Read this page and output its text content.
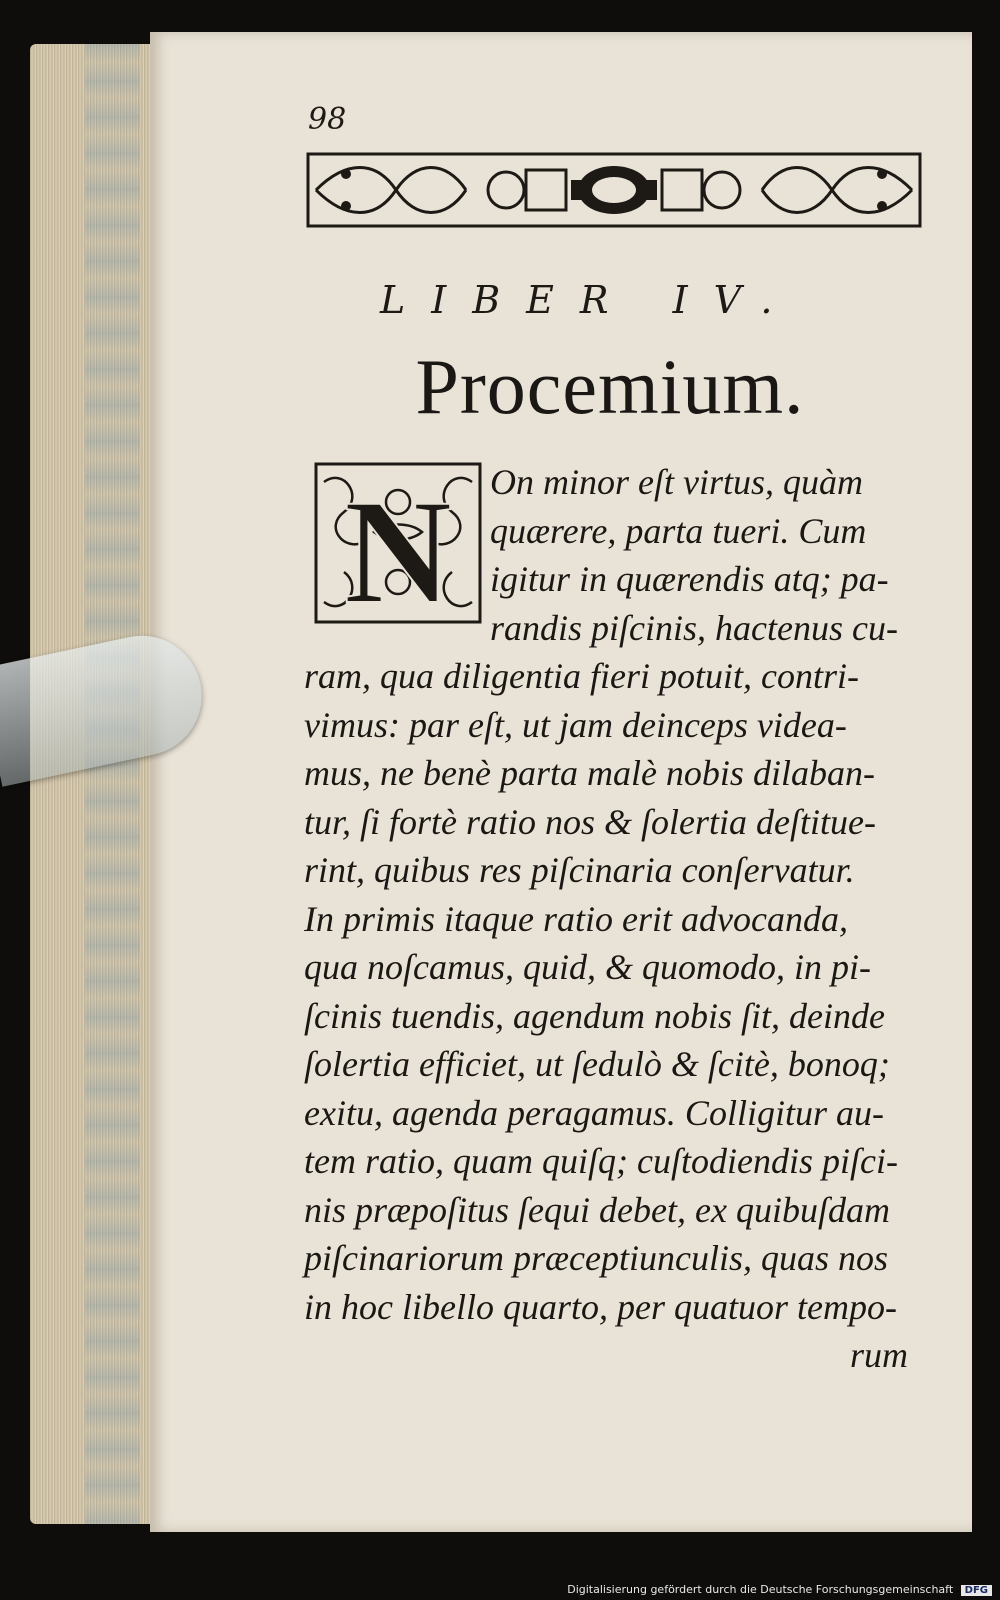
98
LIBER IV.
Procemium.
N	On minor eſt virtus, quàm
quærere, parta tueri. Cum
igitur in quærendis atq; pa-
randis piſcinis, hactenus cu-
ram, qua diligentia fieri potuit, contri-
vimus: par eſt, ut jam deinceps videa-
mus, ne benè parta malè nobis dilaban-
tur, ſi fortè ratio nos & ſolertia deſtitue-
rint, quibus res piſcinaria conſervatur.
In primis itaque ratio erit advocanda,
qua noſcamus, quid, & quomodo, in pi-
ſcinis tuendis, agendum nobis ſit, deinde
ſolertia efficiet, ut ſedulò & ſcitè, bonoq;
exitu, agenda peragamus. Colligitur au-
tem ratio, quam quiſq; cuſtodiendis piſci-
nis præpoſitus ſequi debet, ex quibuſdam
piſcinariorum præceptiunculis, quas nos
in hoc libello quarto, per quatuor tempo-
rum
Digitalisierung gefördert durch die Deutsche Forschungsgemeinschaft DFG
